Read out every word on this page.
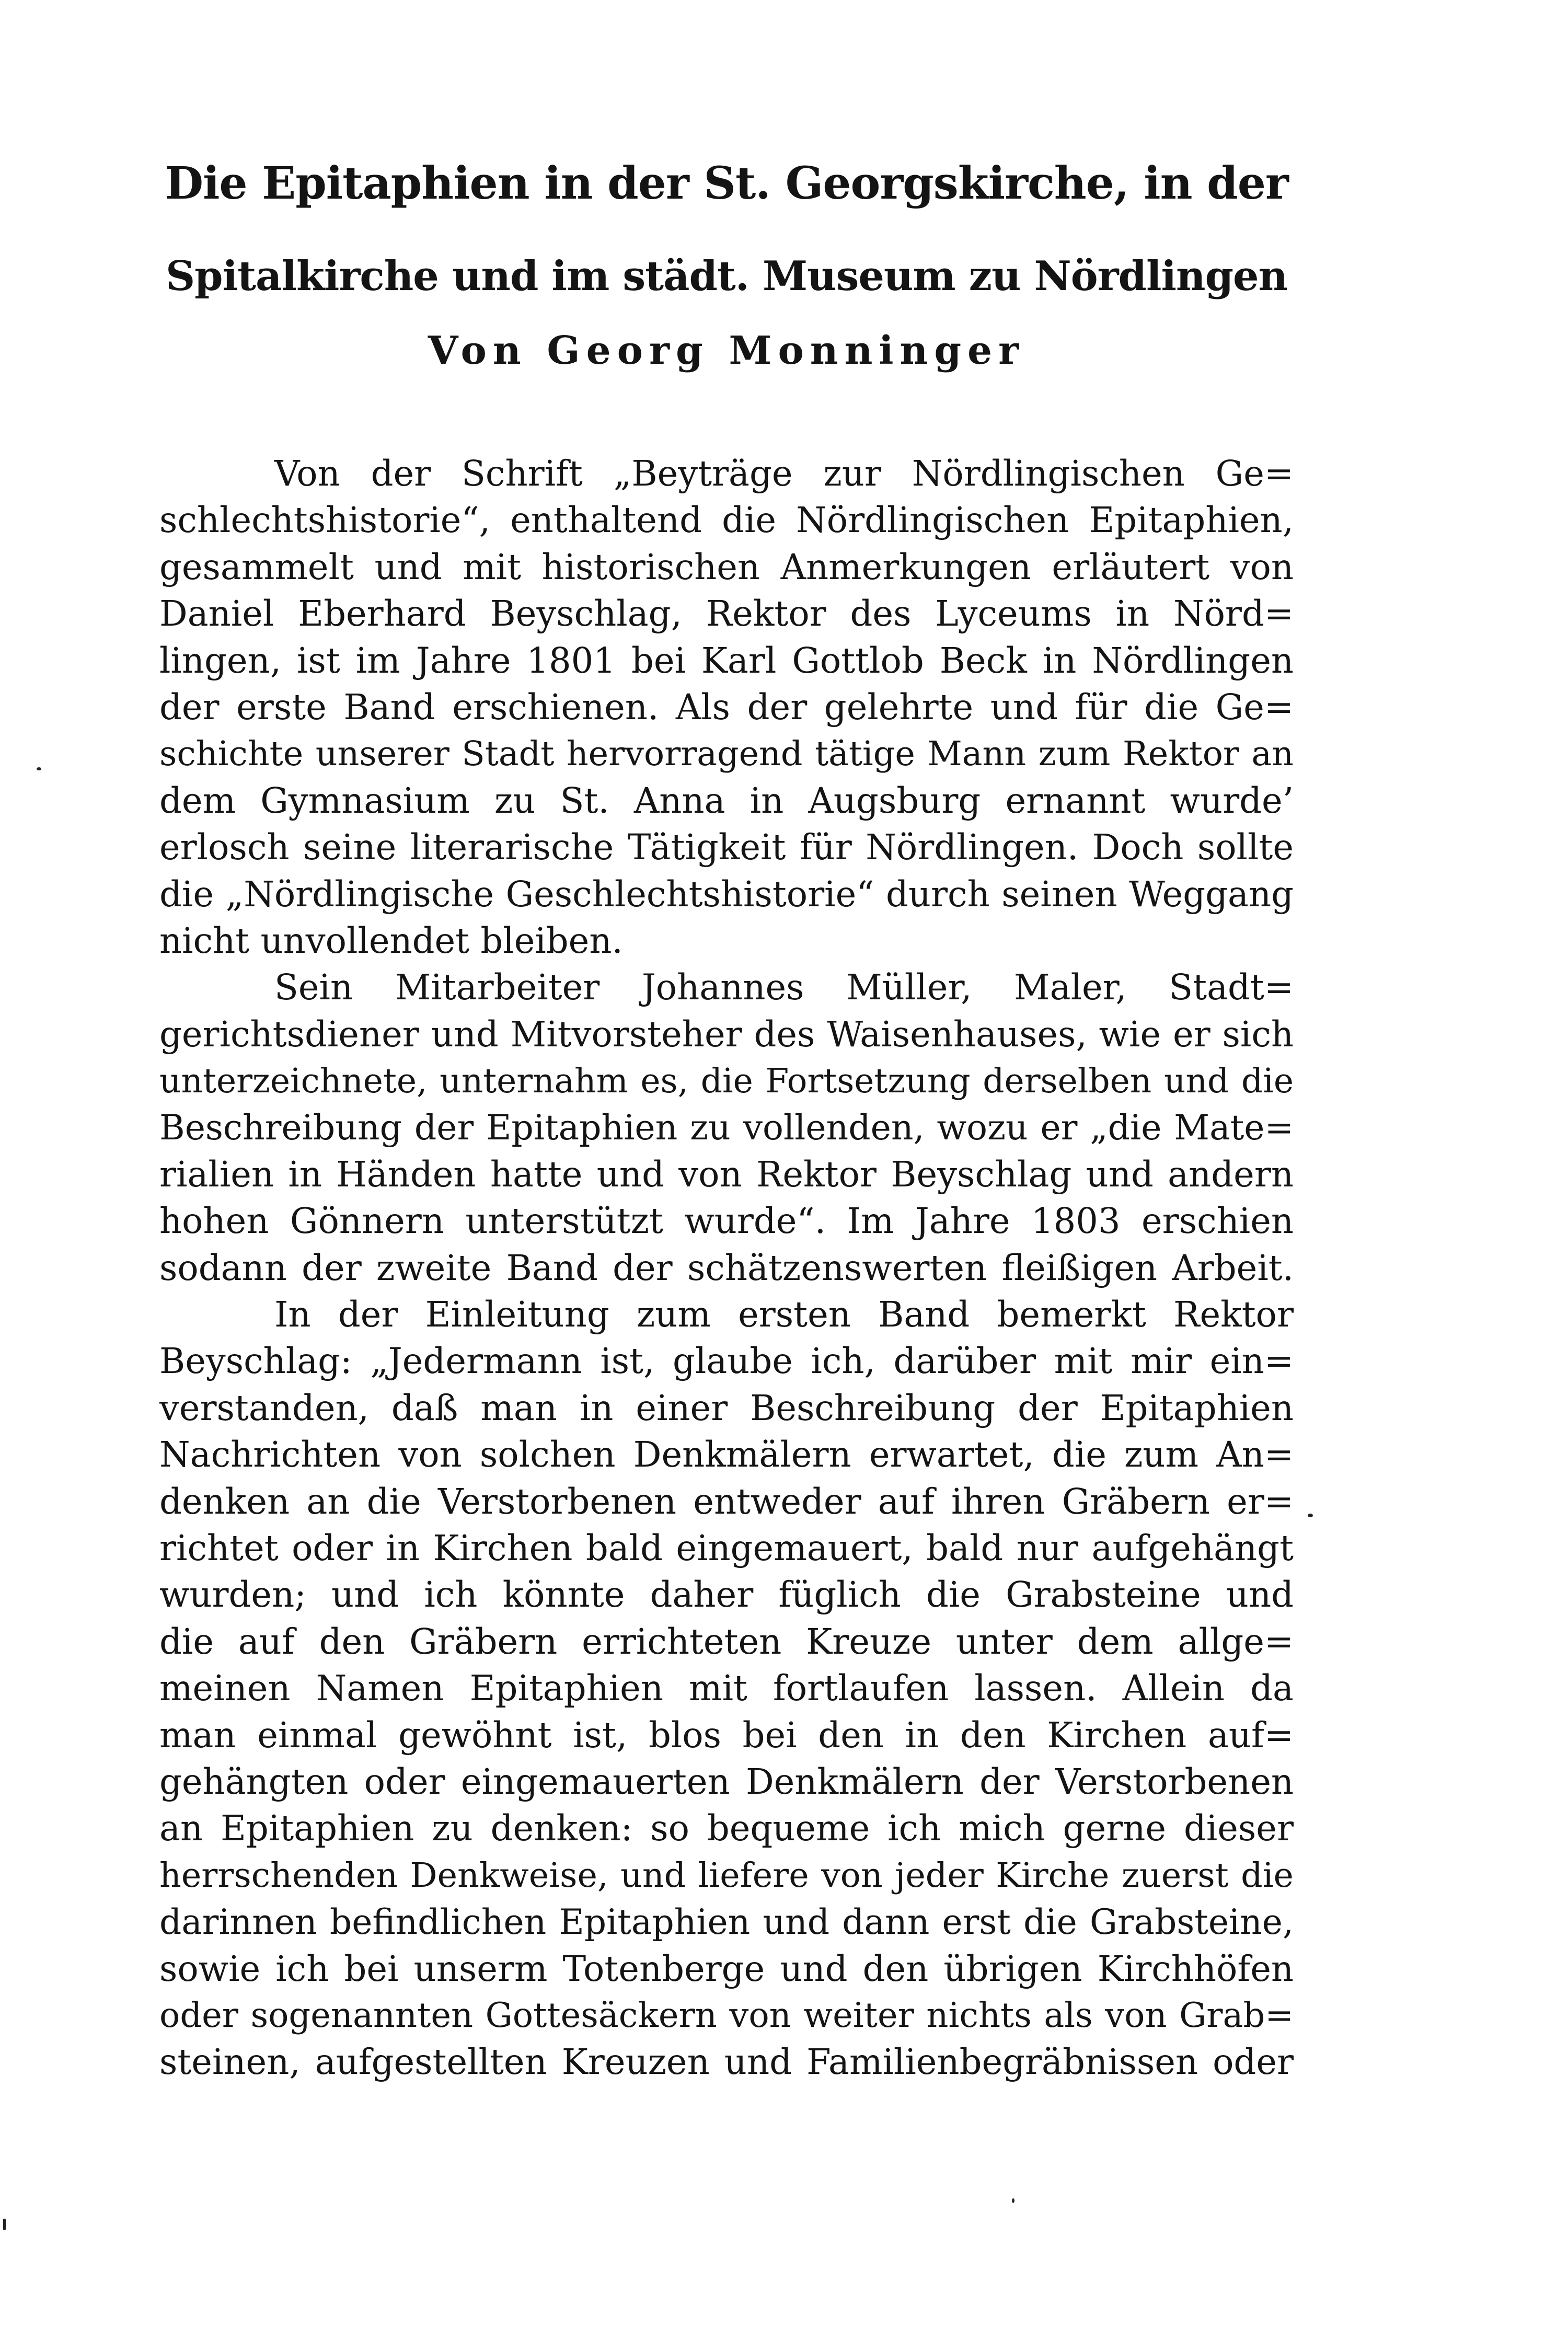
Die Epitaphien in der St. Georgskirche, in der
Spitalkirche und im städt. Museum zu Nördlingen

Von Georg Monninger

Von der Schrift „Beyträge zur Nördlingischen Ge=
schlechtshistorie“, enthaltend die Nördlingischen Epitaphien,
gesammelt und mit historischen Anmerkungen erläutert von
Daniel Eberhard Beyschlag, Rektor des Lyceums in Nörd=
lingen, ist im Jahre 1801 bei Karl Gottlob Beck in Nördlingen
der erste Band erschienen. Als der gelehrte und für die Ge=
schichte unserer Stadt hervorragend tätige Mann zum Rektor an
dem Gymnasium zu St. Anna in Augsburg ernannt wurde’
erlosch seine literarische Tätigkeit für Nördlingen. Doch sollte
die „Nördlingische Geschlechtshistorie“ durch seinen Weggang
nicht unvollendet bleiben.
Sein Mitarbeiter Johannes Müller, Maler, Stadt=
gerichtsdiener und Mitvorsteher des Waisenhauses, wie er sich
unterzeichnete, unternahm es, die Fortsetzung derselben und die
Beschreibung der Epitaphien zu vollenden, wozu er „die Mate=
rialien in Händen hatte und von Rektor Beyschlag und andern
hohen Gönnern unterstützt wurde“. Im Jahre 1803 erschien
sodann der zweite Band der schätzenswerten fleißigen Arbeit.
In der Einleitung zum ersten Band bemerkt Rektor
Beyschlag: „Jedermann ist, glaube ich, darüber mit mir ein=
verstanden, daß man in einer Beschreibung der Epitaphien
Nachrichten von solchen Denkmälern erwartet, die zum An=
denken an die Verstorbenen entweder auf ihren Gräbern er=
richtet oder in Kirchen bald eingemauert, bald nur aufgehängt
wurden; und ich könnte daher füglich die Grabsteine und
die auf den Gräbern errichteten Kreuze unter dem allge=
meinen Namen Epitaphien mit fortlaufen lassen. Allein da
man einmal gewöhnt ist, blos bei den in den Kirchen auf=
gehängten oder eingemauerten Denkmälern der Verstorbenen
an Epitaphien zu denken: so bequeme ich mich gerne dieser
herrschenden Denkweise, und liefere von jeder Kirche zuerst die
darinnen befindlichen Epitaphien und dann erst die Grabsteine,
sowie ich bei unserm Totenberge und den übrigen Kirchhöfen
oder sogenannten Gottesäckern von weiter nichts als von Grab=
steinen, aufgestellten Kreuzen und Familienbegräbnissen oder
